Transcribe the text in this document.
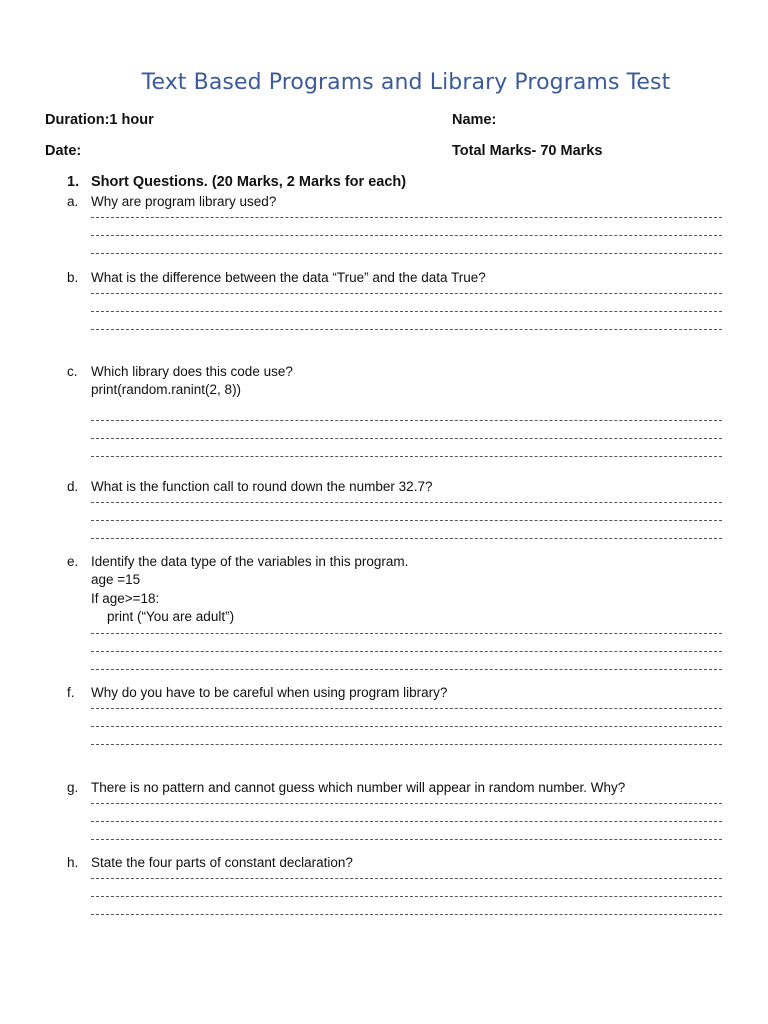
Text Based Programs and Library Programs Test
Duration:1 hour	Name:
Date:	Total Marks- 70 Marks
1. Short Questions. (20 Marks, 2 Marks for each)
a. Why are program library used?
b. What is the difference between the data “True” and the data True?
c. Which library does this code use?
print(random.ranint(2, 8))
d. What is the function call to round down the number 32.7?
e. Identify the data type of the variables in this program.
age =15
If age>=18:
print (“You are adult”)
f.	Why do you have to be careful when using program library?
g. There is no pattern and cannot guess which number will appear in random number. Why?
h. State the four parts of constant declaration?
